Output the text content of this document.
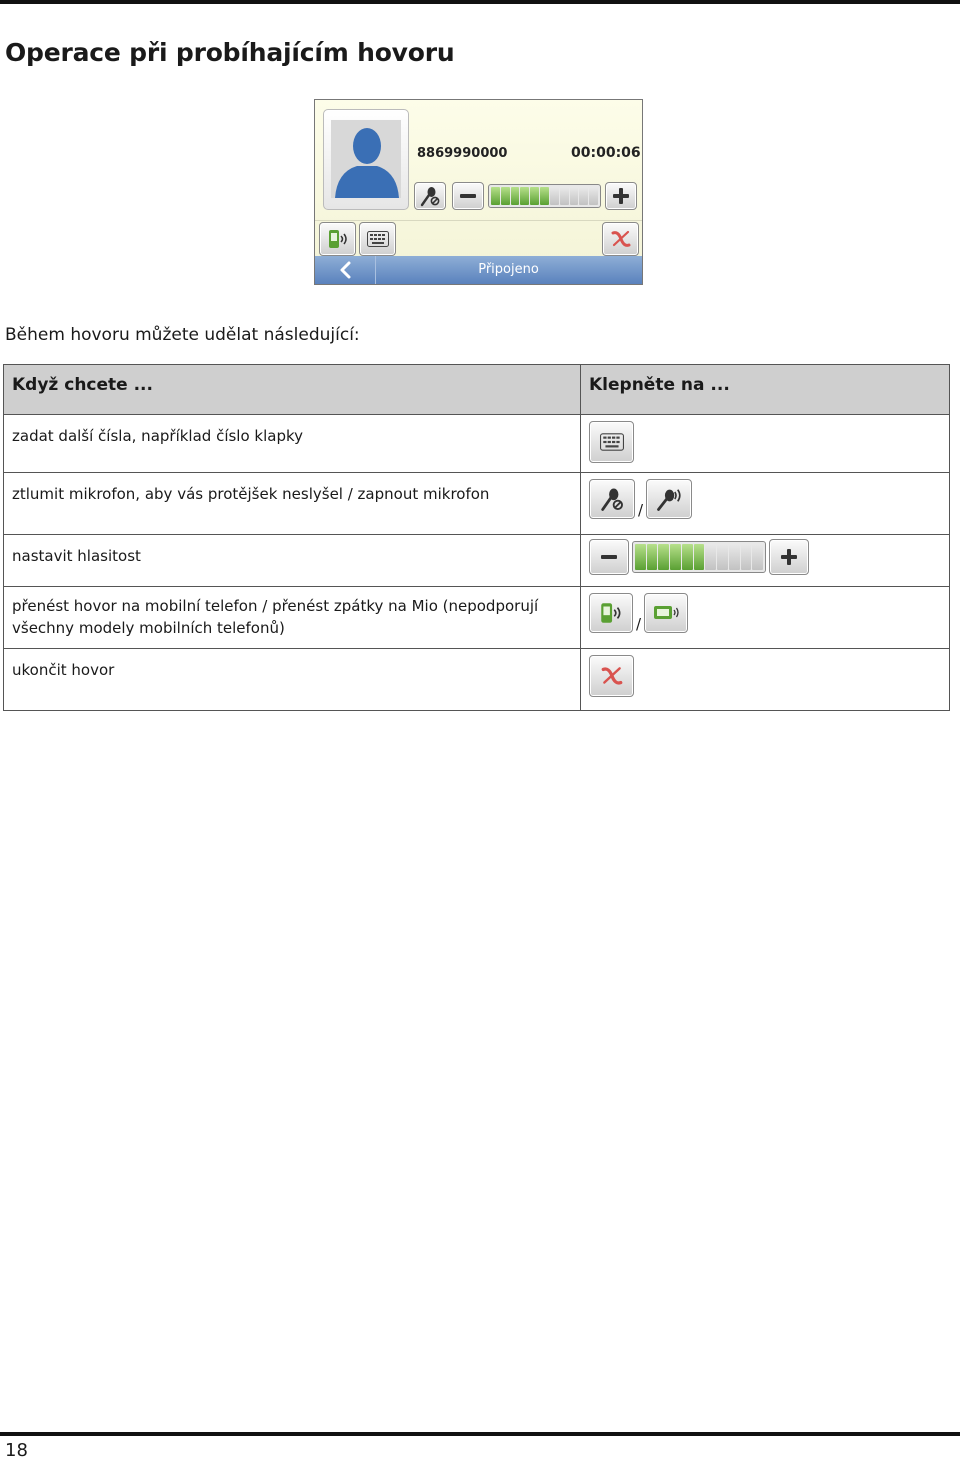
Operace při probíhajícím hovoru
8869990000	00:00:06
Připojeno

Během hovoru můžete udělat následující:

Když chcete ...	Klepněte na ...
zadat další čísla, například číslo klapky	

ztlumit mikrofon, aby vás protějšek neslyšel / zapnout mikrofon	/

nastavit hlasitost	

přenést hovor na mobilní telefon / přenést zpátky na Mio (nepodporují všechny modely mobilních telefonů)	/

ukončit hovor	
18
